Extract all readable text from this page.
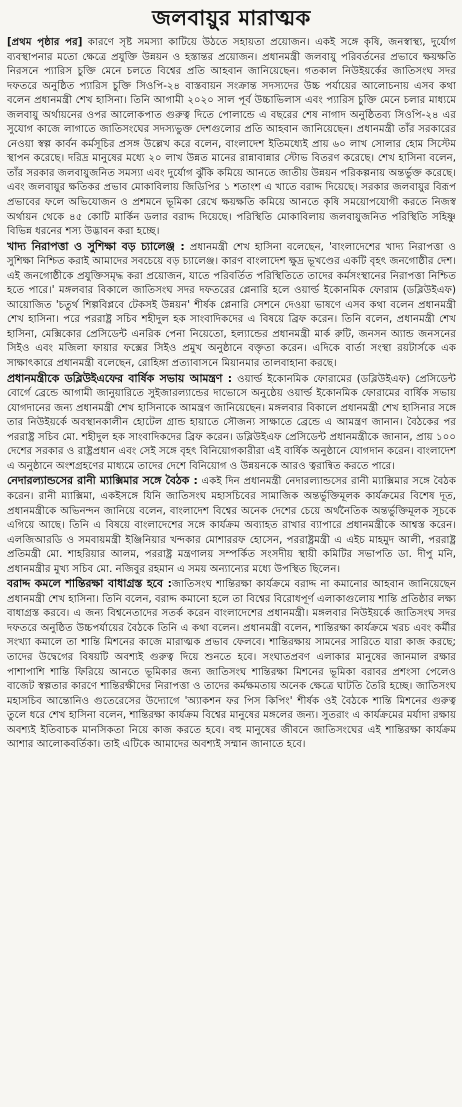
জলবায়ুর মারাত্মক

[প্রথম পৃষ্ঠার পর] কারণে সৃষ্ট সমস্যা কাটিয়ে উঠতে সহায়তা প্রয়োজন। একই সঙ্গে কৃষি, জনস্বাস্থ্য, দুর্যোগ ব্যবস্থাপনার মতো ক্ষেত্রে প্রযুক্তি উন্নয়ন ও হস্তান্তর প্রয়োজন। প্রধানমন্ত্রী জলবায়ু পরিবর্তনের প্রভাবে ক্ষয়ক্ষতি নিরসনে প্যারিস চুক্তি মেনে চলতে বিশ্বের প্রতি আহবান জানিয়েছেন। গতকাল নিউইয়র্কের জাতিসংঘ সদর দফতরে অনুষ্ঠিত প্যারিস চুক্তি সিওপি-২৪ বাস্তবায়ন সংক্রান্ত সদস্যদের উচ্চ পর্যায়ের আলোচনায় এসব কথা বলেন প্রধানমন্ত্রী শেখ হাসিনা। তিনি আগামী ২০২০ সাল পূর্ব উচ্চাভিলাস এবং প্যারিস চুক্তি মেনে চলার মাধ্যমে জলবায়ু অর্থায়নের ওপর আলোকপাত গুরুত্ব দিতে পোলান্ডে এ বছরের শেষ নাগাদ অনুষ্ঠিতব্য সিওপি-২৪ এর সুযোগ কাজে লাগাতে জাতিসংঘের সদস্যভুক্ত দেশগুলোর প্রতি আহবান জানিয়েছেন। প্রধানমন্ত্রী তাঁর সরকারের নেওয়া স্বল্প কার্বন কর্মসূচির প্রসঙ্গ উল্লেখ করে বলেন, বাংলাদেশ ইতিমধ্যেই প্রায় ৬০ লাখ সোলার হোম সিস্টেম স্থাপন করেছে। দরিদ্র মানুষের মধ্যে ২০ লাখ উন্নত মানের রান্নাবান্নার স্টোভ বিতরণ করেছে। শেখ হাসিনা বলেন, তাঁর সরকার জলবায়ুজনিত সমস্যা এবং দুর্যোগ ঝুঁকি কমিয়ে আনতে জাতীয় উন্নয়ন পরিকল্পনায় অন্তর্ভুক্ত করেছে। এবং জলবায়ুর ক্ষতিকর প্রভাব মোকাবিলায় জিডিপির ১ শতাংশ এ খাতে বরাদ্দ দিয়েছে। সরকার জলবায়ুর বিরূপ প্রভাবের ফলে অভিযোজন ও প্রশমনে ভূমিকা রেখে ক্ষয়ক্ষতি কমিয়ে আনতে কৃষি সময়োপযোগী করতে নিজস্ব অর্থায়ন থেকে ৪৫ কোটি মার্কিন ডলার বরাদ্দ দিয়েছে। পরিস্থিতি মোকাবিলায় জলবায়ুজনিত পরিস্থিতি সহিষ্ণু বিভিন্ন ধরনের শস্য উদ্ভাবন করা হচ্ছে।

খাদ্য নিরাপত্তা ও সুশিক্ষা বড় চ্যালেঞ্জ : প্রধানমন্ত্রী শেখ হাসিনা বলেছেন, 'বাংলাদেশের খাদ্য নিরাপত্তা ও সুশিক্ষা নিশ্চিত করাই আমাদের সবচেয়ে বড় চ্যালেঞ্জ। কারণ বাংলাদেশ ক্ষুদ্র ভূখণ্ডের একটি বৃহৎ জনগোষ্ঠীর দেশ। এই জনগোষ্ঠীকে প্রযুক্তিসমৃদ্ধ করা প্রয়োজন, যাতে পরিবর্তিত পরিস্থিতিতে তাদের কর্মসংস্থানের নিরাপত্তা নিশ্চিত হতে পারে।' মঙ্গলবার বিকালে জাতিসংঘ সদর দফতরের প্লেনারি হলে ওয়ার্ল্ড ইকোনমিক ফোরাম (ডব্লিউইএফ) আয়োজিত 'চতুর্থ শিল্পবিপ্লবে টেকসই উন্নয়ন' শীর্ষক প্লেনারি সেশনে দেওয়া ভাষণে এসব কথা বলেন প্রধানমন্ত্রী শেখ হাসিনা। পরে পররাষ্ট্র সচিব শহীদুল হক সাংবাদিকদের এ বিষয়ে ব্রিফ করেন। তিনি বলেন, প্রধানমন্ত্রী শেখ হাসিনা, মেক্সিকোর প্রেসিডেন্ট এনরিক পেনা নিয়েতো, হল্যান্ডের প্রধানমন্ত্রী মার্ক রুটি, জনসন অ্যান্ড জনসনের সিইও এবং মজিলা ফায়ার ফক্সের সিইও প্রমুখ অনুষ্ঠানে বক্তৃতা করেন। এদিকে বার্তা সংস্থা রয়টার্সকে এক সাক্ষাৎকারে প্রধানমন্ত্রী বলেছেন, রোহিঙ্গা প্রত্যাবাসনে মিয়ানমার তালবাহানা করছে।

প্রধানমন্ত্রীকে ডব্লিউইএফের বার্ষিক সভায় আমন্ত্রণ : ওয়ার্ল্ড ইকোনমিক ফোরামের (ডব্লিউইএফ) প্রেসিডেন্ট বোর্গে ব্রেন্ডে আগামী জানুয়ারিতে সুইজারল্যান্ডের দাভোসে অনুষ্ঠেয় ওয়ার্ল্ড ইকোনমিক ফোরামের বার্ষিক সভায় যোগদানের জন্য প্রধানমন্ত্রী শেখ হাসিনাকে আমন্ত্রণ জানিয়েছেন। মঙ্গলবার বিকালে প্রধানমন্ত্রী শেখ হাসিনার সঙ্গে তার নিউইয়র্কে অবস্থানকালীন হোটেল গ্রান্ড হায়াতে সৌজন্য সাক্ষাতে ব্রেন্ডে এ আমন্ত্রণ জানান। বৈঠকের পর পররাষ্ট্র সচিব মো. শহীদুল হক সাংবাদিকদের ব্রিফ করেন। ডব্লিউইএফ প্রেসিডেন্ট প্রধানমন্ত্রীকে জানান, প্রায় ১০০ দেশের সরকার ও রাষ্ট্রপ্রধান এবং সেই সঙ্গে বৃহৎ বিনিয়োগকারীরা এই বার্ষিক অনুষ্ঠানে যোগদান করেন। বাংলাদেশ এ অনুষ্ঠানে অংশগ্রহণের মাধ্যমে তাদের দেশে বিনিয়োগ ও উন্নয়নকে আরও ত্বরান্বিত করতে পারে।

নেদারল্যান্ডসের রানী ম্যাক্সিমার সঙ্গে বৈঠক : একই দিন প্রধানমন্ত্রী নেদারল্যান্ডসের রানী ম্যাক্সিমার সঙ্গে বৈঠক করেন। রানী ম্যাক্সিমা, একইসঙ্গে যিনি জাতিসংঘ মহাসচিবের সামাজিক অন্তর্ভুক্তিমূলক কার্যক্রমের বিশেষ দূত, প্রধানমন্ত্রীকে অভিনন্দন জানিয়ে বলেন, বাংলাদেশ বিশ্বের অনেক দেশের চেয়ে অর্থনৈতিক অন্তর্ভুক্তিমূলক সূচকে এগিয়ে আছে। তিনি এ বিষয়ে বাংলাদেশের সঙ্গে কার্যক্রম অব্যাহত রাখার ব্যাপারে প্রধানমন্ত্রীকে আশ্বস্ত করেন। এলজিআরডি ও সমবায়মন্ত্রী ইঞ্জিনিয়ার খন্দকার মোশাররফ হোসেন, পররাষ্ট্রমন্ত্রী এ এইচ মাহমুদ আলী, পররাষ্ট্র প্রতিমন্ত্রী মো. শাহরিয়ার আলম, পররাষ্ট্র মন্ত্রণালয় সম্পর্কিত সংসদীয় স্থায়ী কমিটির সভাপতি ডা. দীপু মনি, প্রধানমন্ত্রীর মুখ্য সচিব মো. নজিবুর রহমান এ সময় অন্যান্যের মধ্যে উপস্থিত ছিলেন।

বরাদ্দ কমলে শান্তিরক্ষা বাধাগ্রস্ত হবে :জাতিসংঘ শান্তিরক্ষা কার্যক্রমে বরাদ্দ না কমানোর আহবান জানিয়েছেন প্রধানমন্ত্রী শেখ হাসিনা। তিনি বলেন, বরাদ্দ কমানো হলে তা বিশ্বের বিরোধপূর্ণ এলাকাগুলোয় শান্তি প্রতিষ্ঠার লক্ষ্য বাধাগ্রস্ত করবে। এ জন্য বিশ্বনেতাদের সতর্ক করেন বাংলাদেশের প্রধানমন্ত্রী। মঙ্গলবার নিউইয়র্কে জাতিসংঘ সদর দফতরে অনুষ্ঠিত উচ্চপর্যায়ের বৈঠকে তিনি এ কথা বলেন। প্রধানমন্ত্রী বলেন, শান্তিরক্ষা কার্যক্রমে খরচ এবং কর্মীর সংখ্যা কমালে তা শান্তি মিশনের কাজে মারাত্মক প্রভাব ফেলবে। শান্তিরক্ষায় সামনের সারিতে যারা কাজ করছে; তাদের উদ্বেগের বিষয়টি অবশ্যই গুরুত্ব দিয়ে শুনতে হবে। সংঘাতপ্রবণ এলাকার মানুষের জানমাল রক্ষার পাশাপাশি শান্তি ফিরিয়ে আনতে ভূমিকার জন্য জাতিসংঘ শান্তিরক্ষা মিশনের ভূমিকা বরাবর প্রশংসা পেলেও বাজেট স্বল্পতার কারণে শান্তিরক্ষীদের নিরাপত্তা ও তাদের কর্মক্ষমতায় অনেক ক্ষেত্রে ঘাটতি তৈরি হচ্ছে। জাতিসংঘ মহাসচিব আন্তোনিও গুতেরেসের উদ্যোগে 'অ্যাকশন ফর পিস কিপিং' শীর্ষক ওই বৈঠকে শান্তি মিশনের গুরুত্ব তুলে ধরে শেখ হাসিনা বলেন, শান্তিরক্ষা কার্যক্রম বিশ্বের মানুষের মঙ্গলের জন্য। সুতরাং এ কার্যক্রমের মর্যাদা রক্ষায় অবশ্যই ইতিবাচক মানসিকতা নিয়ে কাজ করতে হবে। বহু মানুষের জীবনে জাতিসংঘের এই শান্তিরক্ষা কার্যক্রম আশার আলোকবর্তিকা। তাই এটিকে আমাদের অবশ্যই সম্মান জানাতে হবে।
